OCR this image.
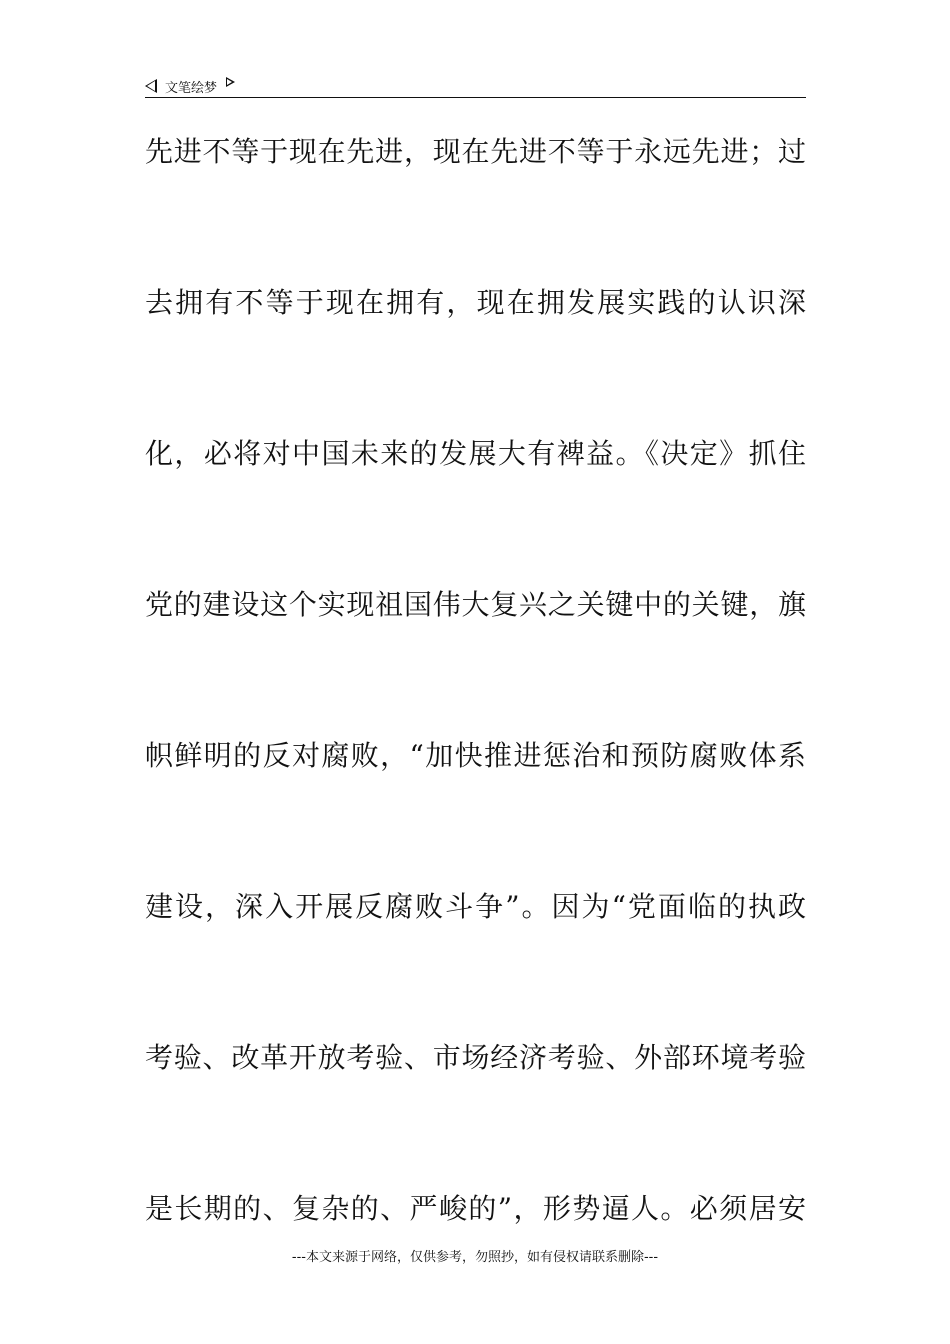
文笔绘梦
先进不等于现在先进，现在先进不等于永远先进；过
去拥有不等于现在拥有，现在拥发展实践的认识深
化，必将对中国未来的发展大有裨益。《决定》抓住
党的建设这个实现祖国伟大复兴之关键中的关键，旗
帜鲜明的反对腐败，“加快推进惩治和预防腐败体系
建设，深入开展反腐败斗争”。因为“党面临的执政
考验、改革开放考验、市场经济考验、外部环境考验
是长期的、复杂的、严峻的”，形势逼人。必须居安
---本文来源于网络，仅供参考，勿照抄，如有侵权请联系删除---
